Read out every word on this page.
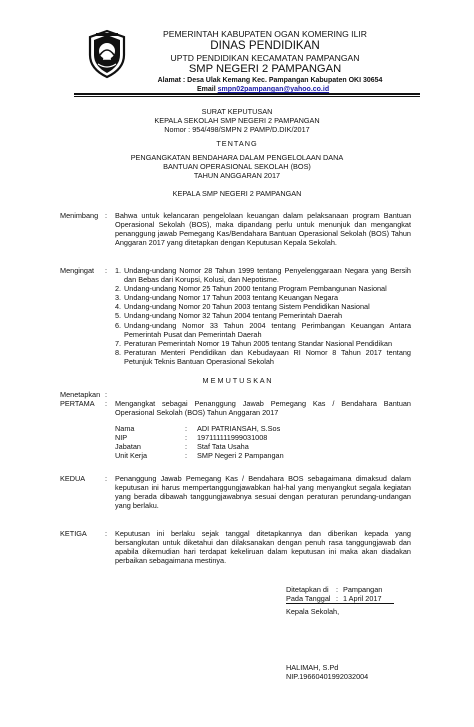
PEMERINTAH KABUPATEN OGAN KOMERING ILIR
DINAS PENDIDIKAN
UPTD PENDIDIKAN KECAMATAN PAMPANGAN
SMP NEGERI 2 PAMPANGAN
Alamat : Desa Ulak Kemang Kec. Pampangan Kabupaten OKI 30654
Email smpn02pampangan@yahoo.co.id
SURAT KEPUTUSAN
KEPALA SEKOLAH SMP NEGERI 2 PAMPANGAN
Nomor : 954/498/SMPN 2 PAMP/D.DIK/2017
TENTANG
PENGANGKATAN BENDAHARA DALAM PENGELOLAAN DANA
BANTUAN OPERASIONAL SEKOLAH (BOS)
TAHUN ANGGARAN 2017
KEPALA SMP NEGERI 2 PAMPANGAN
Menimbang : Bahwa untuk kelancaran pengelolaan keuangan dalam pelaksanaan program Bantuan Operasional Sekolah (BOS), maka dipandang perlu untuk menunjuk dan mengangkat penanggung jawab Pemegang Kas/Bendahara Bantuan Operasional Sekolah (BOS) Tahun Anggaran 2017 yang ditetapkan dengan Keputusan Kepala Sekolah.
Mengingat : 1. Undang-undang Nomor 28 Tahun 1999 tentang Penyelenggaraan Negara yang Bersih dan Bebas dari Korupsi, Kolusi, dan Nepotisme.
2. Undang-undang Nomor 25 Tahun 2000 tentang Program Pembangunan Nasional
3. Undang-undang Nomor 17 Tahun 2003 tentang Keuangan Negara
4. Undang-undang Nomor 20 Tahun 2003 tentang Sistem Pendidikan Nasional
5. Undang-undang Nomor 32 Tahun 2004 tentang Pemerintah Daerah
6. Undang-undang Nomor 33 Tahun 2004 tentang Perimbangan Keuangan Antara Pemerintah Pusat dan Pemerintah Daerah
7. Peraturan Pemerintah Nomor 19 Tahun 2005 tentang Standar Nasional Pendidikan
8. Peraturan Menteri Pendidikan dan Kebudayaan RI Nomor 8 Tahun 2017 tentang Petunjuk Teknis Bantuan Operasional Sekolah
M E M U T U S K A N
Menetapkan :
PERTAMA : Mengangkat sebagai Penanggung Jawab Pemegang Kas / Bendahara Bantuan Operasional Sekolah (BOS) Tahun Anggaran 2017
Nama	: ADI PATRIANSAH, S.Sos
NIP	: 197111111999031008
Jabatan	: Staf Tata Usaha
Unit Kerja	: SMP Negeri 2 Pampangan
KEDUA	: Penanggung Jawab Pemegang Kas / Bendahara BOS sebagaimana dimaksud dalam keputusan ini harus mempertanggungjawabkan hal-hal yang menyangkut segala kegiatan yang berada dibawah tanggungjawabnya sesuai dengan peraturan perundang-undangan yang berlaku.
KETIGA : Keputusan ini berlaku sejak tanggal ditetapkannya dan diberikan kepada yang bersangkutan untuk diketahui dan dilaksanakan dengan penuh rasa tanggungjawab dan apabila dikemudian hari terdapat kekeliruan dalam keputusan ini maka akan diadakan perbaikan sebagaimana mestinya.
Ditetapkan di : Pampangan
Pada Tanggal : 1 April 2017
Kepala Sekolah,
HALIMAH, S.Pd
NIP.19660401992032004
